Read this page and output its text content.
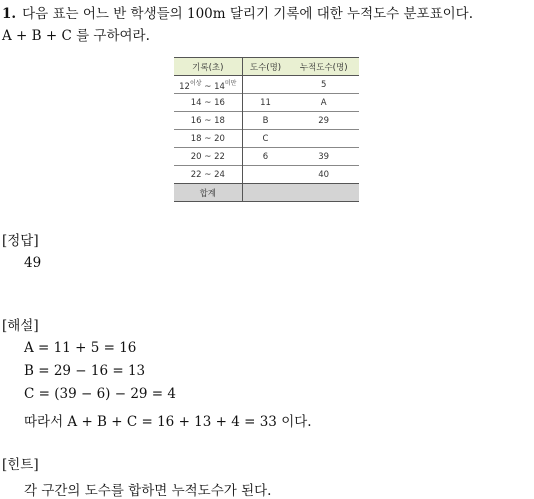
1. 다음 표는 어느 반 학생들의 100m 달리기 기록에 대한 누적도수 분포표이다.
A + B + C 를 구하여라.
기록(초)	도수(명)	누적도수(명)
$12^{이상}$ ~ $14^{미만}$		5
14 ~ 16	11	A
16 ~ 18	B	29
18 ~ 20	C	
20 ~ 22	6	39
22 ~ 24		40
합계		
[정답]
49
[해설]
A = 11 + 5 = 16
B = 29 − 16 = 13
C = (39 − 6) − 29 = 4
따라서 A + B + C = 16 + 13 + 4 = 33 이다.
[힌트]
각 구간의 도수를 합하면 누적도수가 된다.
